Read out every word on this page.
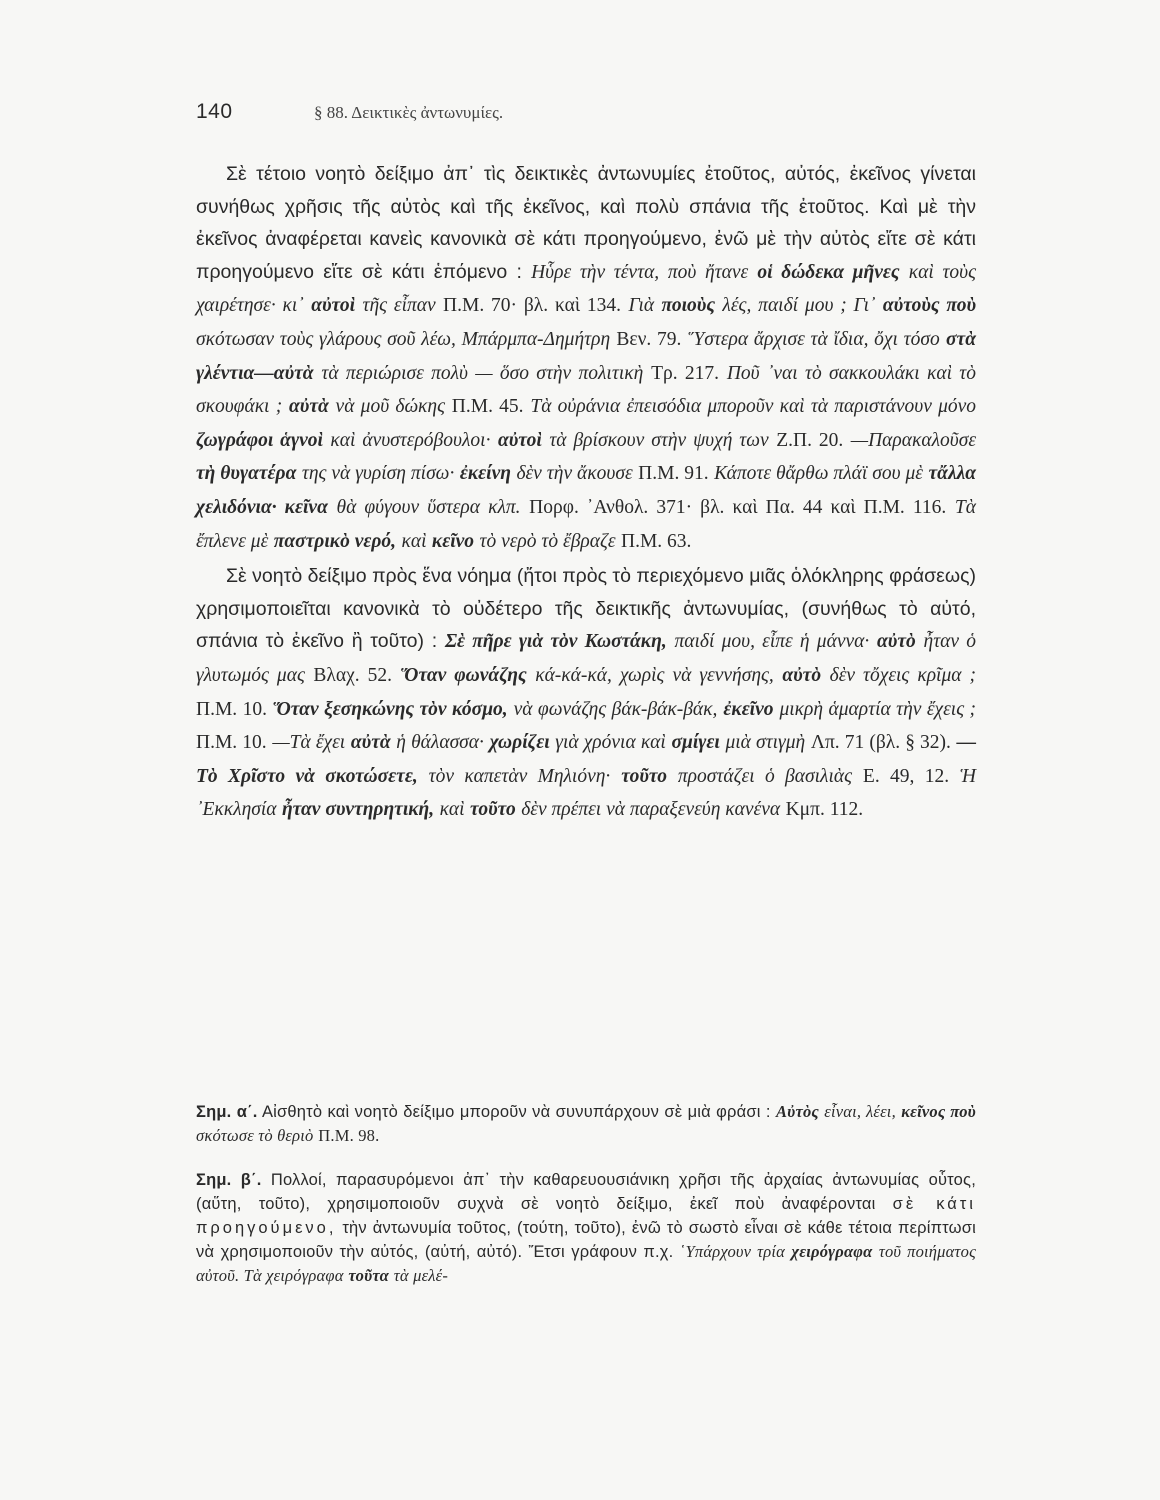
140	§ 88. Δεικτικὲς ἀντωνυμίες.

Σὲ τέτοιο νοητὸ δείξιμο ἀπ᾽ τὶς δεικτικὲς ἀντωνυμίες ἐτοῦτος, αὐτός, ἐκεῖνος γίνεται συνήθως χρῆσις τῆς αὐτὸς καὶ τῆς ἐκεῖνος, καὶ πολὺ σπάνια τῆς ἐτοῦτος. Καὶ μὲ τὴν ἐκεῖνος ἀναφέρεται κανεὶς κανονικὰ σὲ κάτι προηγούμενο, ἐνῶ μὲ τὴν αὐτὸς εἴτε σὲ κάτι προηγούμενο εἴτε σὲ κάτι ἑπόμενο : Ηὗρε τὴν τέντα, ποὺ ἤτανε οἱ δώδεκα μῆνες καὶ τοὺς χαιρέτησε· κι᾽ αὐτοὶ τῆς εἶπαν Π.Μ. 70· βλ. καὶ 134. Γιὰ ποιοὺς λές, παιδί μου ; Γι᾽ αὐτοὺς ποὺ σκότωσαν τοὺς γλάρους σοῦ λέω, Μπάρμπα-Δημήτρη Βεν. 79. Ὕστερα ἄρχισε τὰ ἴδια, ὄχι τόσο στὰ γλέντια—αὐτὰ τὰ περιώρισε πολὺ — ὅσο στὴν πολιτικὴ Τρ. 217. Ποῦ ᾽ναι τὸ σακκουλάκι καὶ τὸ σκουφάκι ; αὐτὰ νὰ μοῦ δώκης Π.Μ. 45. Τὰ οὐράνια ἐπεισόδια μποροῦν καὶ τὰ παριστάνουν μόνο ζωγράφοι ἁγνοὶ καὶ ἀνυστερόβουλοι· αὐτοὶ τὰ βρίσκουν στὴν ψυχή των Ζ.Π. 20. —Παρακαλοῦσε τὴ θυγατέρα της νὰ γυρίση πίσω· ἐκείνη δὲν τὴν ἄκουσε Π.Μ. 91. Κάποτε θἄρθω πλάϊ σου μὲ τἄλλα χελιδόνια· κεῖνα θὰ φύγουν ὕστερα κλπ. Πορφ. ᾽Ανθολ. 371· βλ. καὶ Πα. 44 καὶ Π.Μ. 116. Τὰ ἔπλενε μὲ παστρικὸ νερό, καὶ κεῖνο τὸ νερὸ τὸ ἔβραζε Π.Μ. 63.

Σὲ νοητὸ δείξιμο πρὸς ἕνα νόημα (ἤτοι πρὸς τὸ περιεχόμενο μιᾶς ὁλόκληρης φράσεως) χρησιμοποιεῖται κανονικὰ τὸ οὐδέτερο τῆς δεικτικῆς ἀντωνυμίας, (συνήθως τὸ αὐτό, σπάνια τὸ ἐκεῖνο ἢ τοῦτο) : Σὲ πῆρε γιὰ τὸν Κωστάκη, παιδί μου, εἶπε ἡ μάννα· αὐτὸ ἦταν ὁ γλυτωμός μας Βλαχ. 52. Ὅταν φωνάζης κά-κά-κά, χωρὶς νὰ γεννήσης, αὐτὸ δὲν τὄχεις κρῖμα ; Π.Μ. 10. Ὅταν ξεσηκώνης τὸν κόσμο, νὰ φωνάζης βάκ-βάκ-βάκ, ἐκεῖνο μικρὴ ἁμαρτία τὴν ἔχεις ; Π.Μ. 10. —Τὰ ἔχει αὐτὰ ἡ θάλασσα· χωρίζει γιὰ χρόνια καὶ σμίγει μιὰ στιγμὴ Λπ. 71 (βλ. § 32). —Τὸ Χρῖστο νὰ σκοτώσετε, τὸν καπετὰν Μηλιόνη· τοῦτο προστάζει ὁ βασιλιὰς Ε. 49, 12. Ἡ ᾽Εκκλησία ἦταν συντηρητική, καὶ τοῦτο δὲν πρέπει νὰ παραξενεύη κανένα Κμπ. 112.

Σημ. α΄. Αἰσθητὸ καὶ νοητὸ δείξιμο μποροῦν νὰ συνυπάρχουν σὲ μιὰ φράσι : Αὐτὸς εἶναι, λέει, κεῖνος ποὺ σκότωσε τὸ θεριὸ Π.Μ. 98.

Σημ. β΄. Πολλοί, παρασυρόμενοι ἀπ᾽ τὴν καθαρευουσιάνικη χρῆσι τῆς ἀρχαίας ἀντωνυμίας οὗτος, (αὕτη, τοῦτο), χρησιμοποιοῦν συχνὰ σὲ νοητὸ δείξιμο, ἐκεῖ ποὺ ἀναφέρονται σὲ κάτι προηγούμενο, τὴν ἀντωνυμία τοῦτος, (τούτη, τοῦτο), ἐνῶ τὸ σωστὸ εἶναι σὲ κάθε τέτοια περίπτωσι νὰ χρησιμοποιοῦν τὴν αὐτός, (αὐτή, αὐτό). Ἔτσι γράφουν π.χ. ῾Υπάρχουν τρία χειρόγραφα τοῦ ποιήματος αὐτοῦ. Τὰ χειρόγραφα τοῦτα τὰ μελέ-
